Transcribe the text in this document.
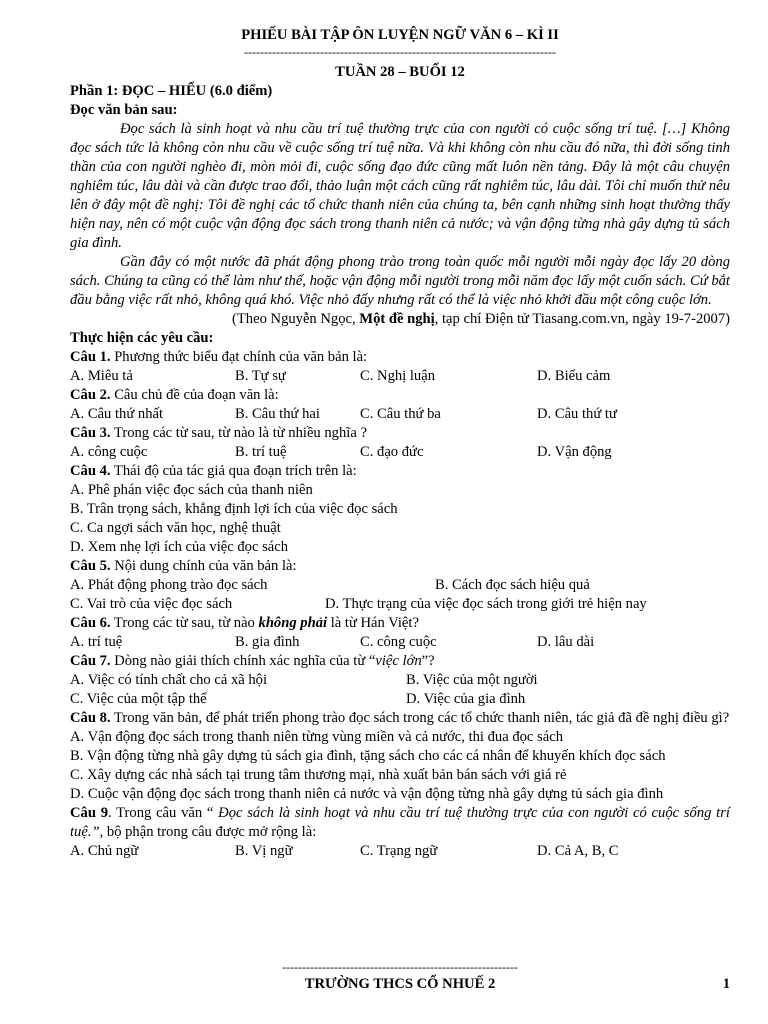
PHIẾU BÀI TẬP ÔN LUYỆN NGỮ VĂN 6 – KÌ II
------------------------------------------------------------------------------
TUẦN 28 – BUỔI 12
Phần 1: ĐỌC – HIỂU (6.0 điểm)
Đọc văn bản sau:

Đọc sách là sinh hoạt và nhu cầu trí tuệ thường trực của con người có cuộc sống trí tuệ. […] Không đọc sách tức là không còn nhu cầu về cuộc sống trí tuệ nữa. Và khi không còn nhu cầu đó nữa, thì đời sống tinh thần của con người nghèo đi, mòn mỏi đi, cuộc sống đạo đức cũng mất luôn nền tảng. Đây là một câu chuyện nghiêm túc, lâu dài và cần được trao đổi, thảo luận một cách cũng rất nghiêm túc, lâu dài. Tôi chỉ muốn thử nêu lên ở đây một đề nghị: Tôi đề nghị các tổ chức thanh niên của chúng ta, bên cạnh những sinh hoạt thường thấy hiện nay, nên có một cuộc vận động đọc sách trong thanh niên cả nước; và vận động từng nhà gây dựng tủ sách gia đình.

Gần đây có một nước đã phát động phong trào trong toàn quốc mỗi người mỗi ngày đọc lấy 20 dòng sách. Chúng ta cũng có thể làm như thế, hoặc vận động mỗi người trong mỗi năm đọc lấy một cuốn sách. Cứ bắt đầu bằng việc rất nhỏ, không quá khó. Việc nhỏ đấy nhưng rất có thể là việc nhỏ khởi đầu một công cuộc lớn.

(Theo Nguyễn Ngọc, Một đề nghị, tạp chí Điện tử Tiasang.com.vn, ngày 19-7-2007)

Thực hiện các yêu cầu:

Câu 1. Phương thức biểu đạt chính của văn bản là:

A. Miêu tả	B. Tự sự	C. Nghị luận	D. Biểu cảm

Câu 2. Câu chủ đề của đoạn văn là:

A. Câu thứ nhất	B. Câu thứ hai	C. Câu thứ ba	D. Câu thứ tư

Câu 3. Trong các từ sau, từ nào là từ nhiều nghĩa ?

A. công cuộc	B. trí tuệ	C. đạo đức	D. Vận động

Câu 4. Thái độ của tác giả qua đoạn trích trên là:

A. Phê phán việc đọc sách của thanh niên

B. Trân trọng sách, khẳng định lợi ích của việc đọc sách

C. Ca ngợi sách văn học, nghệ thuật

D. Xem nhẹ lợi ích của việc đọc sách

Câu 5. Nội dung chính của văn bản là:

A. Phát động phong trào đọc sách	B. Cách đọc sách hiệu quả
C. Vai trò của việc đọc sách	D. Thực trạng của việc đọc sách trong giới trẻ hiện nay

Câu 6. Trong các từ sau, từ nào không phải là từ Hán Việt?

A. trí tuệ	B. gia đình	C. công cuộc	D. lâu dài

Câu 7. Dòng nào giải thích chính xác nghĩa của từ “việc lớn”?

A. Việc có tính chất cho cả xã hội	B. Việc của một người
C. Việc của một tập thể	D. Việc của gia đình

Câu 8. Trong văn bản, để phát triển phong trào đọc sách trong các tổ chức thanh niên, tác giả đã đề nghị điều gì?

A. Vận động đọc sách trong thanh niên từng vùng miền và cả nước, thi đua đọc sách

B. Vận động từng nhà gây dựng tủ sách gia đình, tặng sách cho các cá nhân để khuyến khích đọc sách

C. Xây dựng các nhà sách tại trung tâm thương mại, nhà xuất bản bán sách với giá rẻ

D. Cuộc vận động đọc sách trong thanh niên cả nước và vận động từng nhà gây dựng tủ sách gia đình

Câu 9. Trong câu văn “ Đọc sách là sinh hoạt và nhu cầu trí tuệ thường trực của con người có cuộc sống trí tuệ.”, bộ phận trong câu được mở rộng là:

A. Chủ ngữ	B. Vị ngữ	C. Trạng ngữ	D. Cả A, B, C
-----------------------------------------------------------
TRƯỜNG THCS CỔ NHUẾ 2	1
